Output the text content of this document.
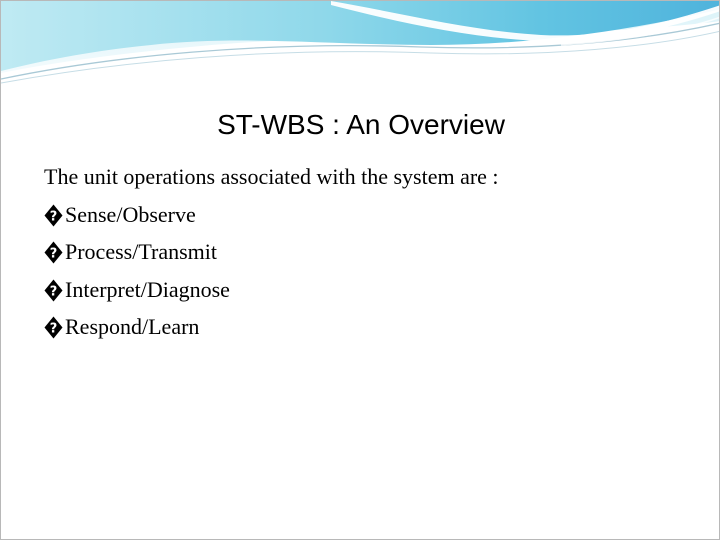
ST-WBS : An Overview

The unit operations associated with the system are :

? Sense/Observe

? Process/Transmit

? Interpret/Diagnose

? Respond/Learn
